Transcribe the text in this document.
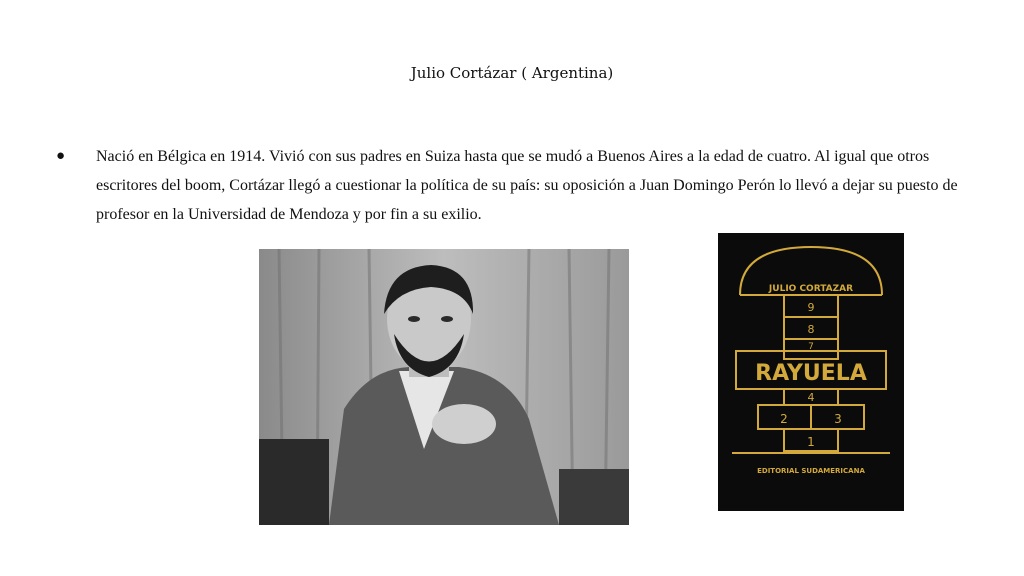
Julio Cortázar ( Argentina)
●	Nació en Bélgica en 1914. Vivió con sus padres en Suiza hasta que se mudó a Buenos Aires a la edad de cuatro. Al igual que otros escritores del boom, Cortázar llegó a cuestionar la política de su país: su oposición a Juan Domingo Perón lo llevó a dejar su puesto de profesor en la Universidad de Mendoza y por fin a su exilio.
JULIO CORTAZAR
RAYUELA
9
8
7
4
2	3
1
EDITORIAL SUDAMERICANA
